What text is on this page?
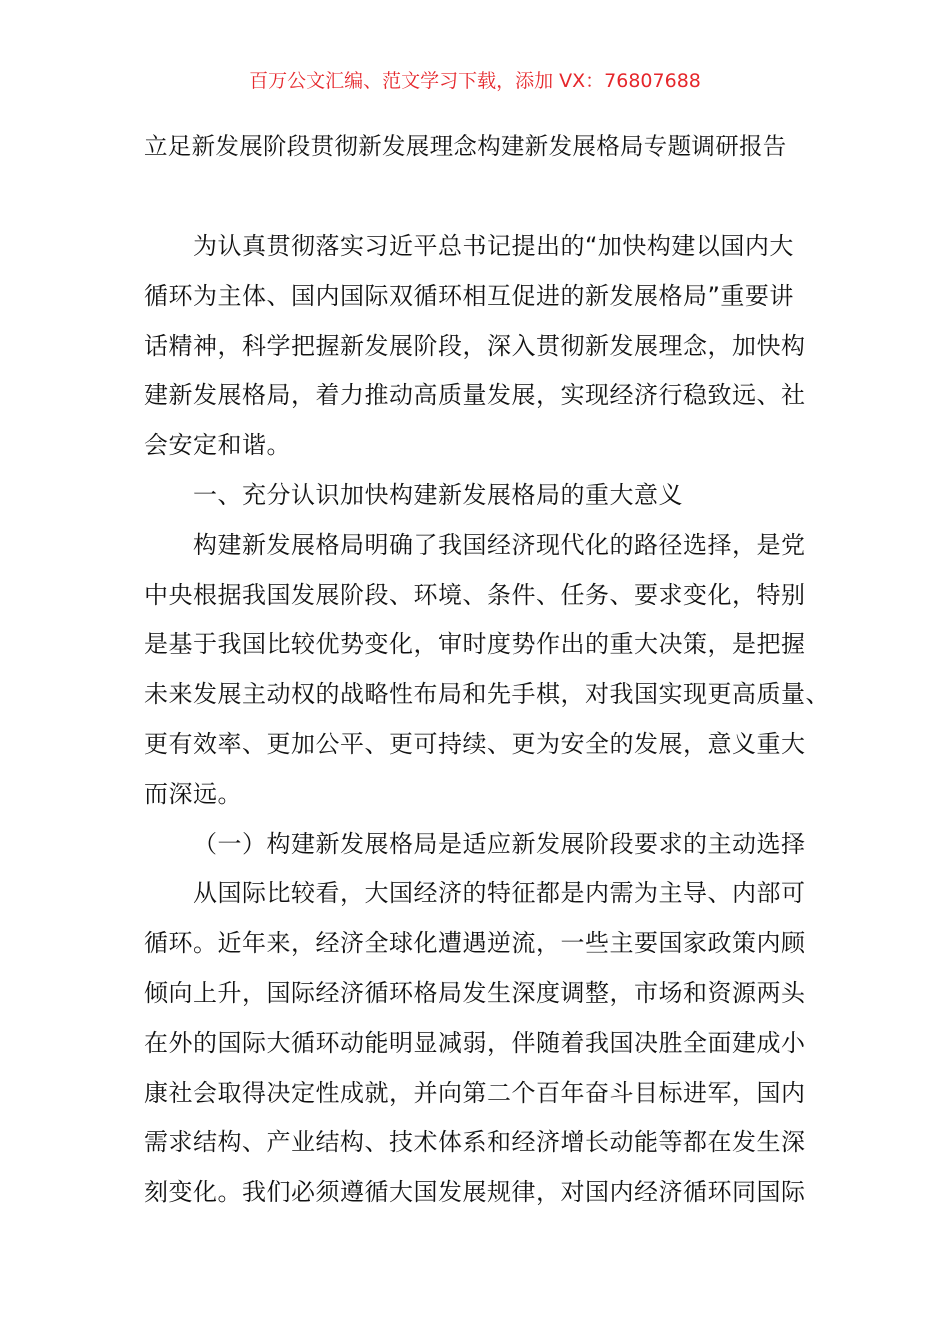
百万公文汇编、范文学习下载，添加 VX：76807688
立足新发展阶段贯彻新发展理念构建新发展格局专题调研报告
为认真贯彻落实习近平总书记提出的“加快构建以国内大
循环为主体、国内国际双循环相互促进的新发展格局”重要讲
话精神，科学把握新发展阶段，深入贯彻新发展理念，加快构
建新发展格局，着力推动高质量发展，实现经济行稳致远、社
会安定和谐。
一、充分认识加快构建新发展格局的重大意义
构建新发展格局明确了我国经济现代化的路径选择，是党
中央根据我国发展阶段、环境、条件、任务、要求变化，特别
是基于我国比较优势变化，审时度势作出的重大决策，是把握
未来发展主动权的战略性布局和先手棋，对我国实现更高质量、
更有效率、更加公平、更可持续、更为安全的发展，意义重大
而深远。
（一）构建新发展格局是适应新发展阶段要求的主动选择
从国际比较看，大国经济的特征都是内需为主导、内部可
循环。近年来，经济全球化遭遇逆流，一些主要国家政策内顾
倾向上升，国际经济循环格局发生深度调整，市场和资源两头
在外的国际大循环动能明显减弱，伴随着我国决胜全面建成小
康社会取得决定性成就，并向第二个百年奋斗目标进军，国内
需求结构、产业结构、技术体系和经济增长动能等都在发生深
刻变化。我们必须遵循大国发展规律，对国内经济循环同国际
